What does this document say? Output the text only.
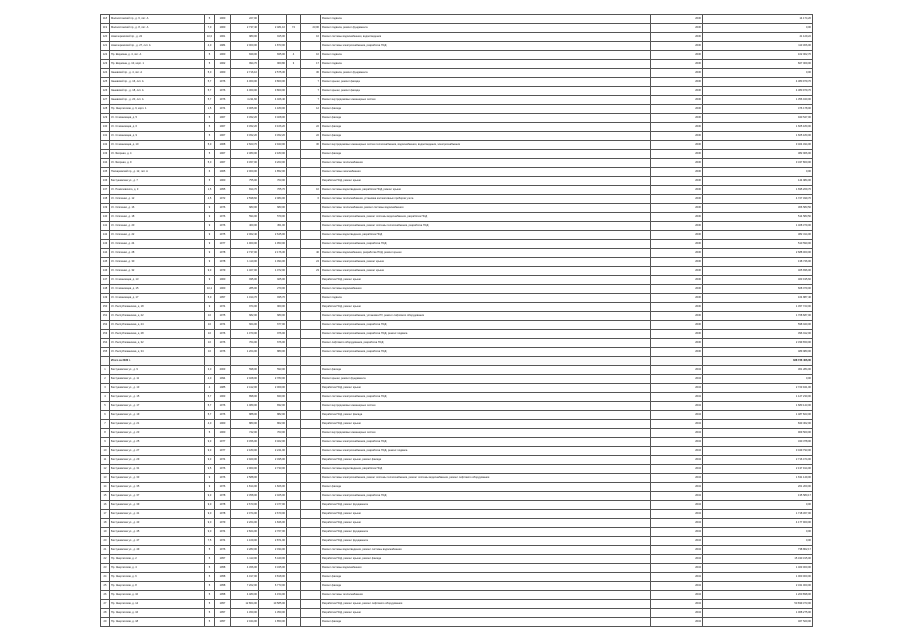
118	Малоохтинский пр., д. 6, лит. А	5	1960	227,00				Ремонт подвала	2030	14 174,20
119	Малоохтинский пр., д. 8, лит. А	7,0	1960	2 737,40	2 481,10	74	23,00	Ремонт подвала, ремонт фундамента	2030	0,00
120	Новочеркасский пр., д. 22	10,0	1961	980,00	915,00		16	Ремонт системы водоснабжения, водоотведения	2030	41 129,22
121	Новочеркасский пр., д. 27, лит. А	4,0	1984	2 000,00	1 873,00			Ремонт системы электроснабжения, разработка ПСД	2030	113 306,00
122	Пр. Шаумяна, д. 4, лит. А	5	1960	849,00	845,00	4	10	Ремонт подвала	2030	102 002,70
123	Пр. Шаумяна, д. 10, корп. 1	5	1962	994,70	960,80	3	17	Ремонт подвала	2030	827 009,00
124	Заневский пр., д. 4, лит. А	5,0	1960	2 716,10	2 575,30		30	Ремонт подвала, ремонт фундамента	2030	0,00
125	Заневский пр., д. 16, лит. А	5,7	1976	4 060,00	3 800,00		7	Ремонт крыши, ремонт фасада	2030	4 380 979,70
126	Заневский пр., д. 18, лит. А	5,7	1976	4 060,00	3 800,00		7	Ремонт крыши, ремонт фасада	2030	4 380 979,70
127	Заневский пр., д. 20, лит. А	5,7	1976	4 211,60	4 026,40		7	Ремонт внутридомовых инженерных систем	2030	1 356 040,00
128	Пр. Энергетиков, д. 9, корп. 1	1,5	1974	3 065,00	1 180,00		12	Ремонт фасада	2030	476 178,00
129	Ул. Стахановцев, д. 5	5	1967	3 452,20	3 408,00			Ремонт фасада	2030	940 547,00
130	Ул. Стахановцев, д. 6	5	1967	3 452,20	3 166,20		22	Ремонт фасада	2030	1 605 180,00
131	Ул. Стахановцев, д. 9	5	1967	3 452,20	3 452,20		22	Ремонт фасада	2030	1 605 180,00
132	Ул. Стахановцев, д. 10	5,0	1968	2 603,70	2 943,00		30	Ремонт внутридомовых инженерных систем теплоснабжения, водоснабжения, водоотведения, электроснабжения	2030	3 404 494,00
133	Ул. Якорная, д. 4	5	1967	2 380,00	2 183,00			Ремонт фасада	2030	382 966,00
134	Ул. Якорная, д. 9	5,0	1967	3 457,00	3 203,00			Ремонт системы теплоснабжения	2030	3 347 800,00
135	Пискаревский пр., д. 12, лит. А	6	1965	2 000,00	1 852,00			Ремонт системы газоснабжения	2030	0,00
136	Бестужевская ул., д. 7	5	1960	755,00	703,00			Разработка ПСД, ремонт крыши	2030	144 984,00
137	Ул. Помяловского, д. 3	1,5	1955	814,70	765,70		10	Ремонт системы водоотведения, разработка ПСД, ремонт крыши	2030	1 695 269,76
138	Ул. Осипенко, д. 12	4,5	1972	2 598,60	2 084,00		6	Ремонт системы теплоснабжения, установка коллективных приборов учета	2030	4 727 499,70
139	Ул. Осипенко, д. 16	9	1976	683,00	683,00			Ремонт системы теплоснабжения, ремонт системы водоснабжения	2030	306 583,50
140	Ул. Осипенко, д. 18	9	1976	594,00	579,00			Ремонт системы электроснабжения, ремонт системы водоснабжения, разработка ПСД	2030	514 583,50
141	Ул. Осипенко, д. 20	9	1976	460,00	451,00			Ремонт системы электроснабжения, ремонт системы теплоснабжения, разработка ПСД	2030	1 408 379,00
142	Ул. Осипенко, д. 22	9	1975	2 062,40	2 645,00			Ремонт системы водоотведения, разработка ПСД	2030	382 314,00
143	Ул. Осипенко, д. 24	9	1977	1 960,00	1 953,00			Ремонт системы электроснабжения, разработка ПСД	2030	510 590,00
144	Ул. Осипенко, д. 28	9	1978	2 737,00	2 176,30		40	Ремонт системы водоснабжения, разработка ПСД, ремонт крыши	2030	2 688 000,00
145	Ул. Осипенко, д. 30	9	1978	1 110,00	1 094,00		24	Ремонт системы электроснабжения, ремонт крыши	2030	138 746,00
146	Ул. Осипенко, д. 32	9,3	1979	1 407,00	1 072,00		23	Ремонт системы электроснабжения, ремонт крыши	2030	405 836,00
147	Ул. Стахановцев, д. 13	9	1960	935,00	925,00			Разработка ПСД, ремонт крыши	2030	463 195,60
148	Ул. Стахановцев, д. 15	10,2	1960	285,00	270,00			Ремонт системы водоснабжения	2030	608 079,00
149	Ул. Стахановцев, д. 17	5,0	1957	1 014,70	935,70			Ремонт подвала	2030	164 887,46
150	Ул. Республиканская, д. 18	9	1974	974,00	960,00			Разработка ПСД, ремонт крыши	2030	1 457 723,00
151	Ул. Республиканская, д. 22	16	1975	682,00	680,00			Ремонт системы электроснабжения, установка ПУ, ремонт лифтового оборудования	2030	1 708 687,00
152	Ул. Республиканская, д. 24	16	1974	664,00	677,00			Ремонт системы электроснабжения, разработка ПСД	2030	598 940,00
153	Ул. Республиканская, д. 28	16	1976	1 070,00	976,00			Ремонт системы электроснабжения, разработка ПСД, ремонт подвала	2030	396 912,00
154	Ул. Республиканская, д. 32	16	1976	764,00	676,00			Ремонт лифтового оборудования, разработка ПСД	2030	2 339 650,00
155	Ул. Республиканская, д. 34	16	1976	1 204,00	880,00			Ремонт системы электроснабжения, разработка ПСД	2030	489 980,00
	Итого за 2030 г.									338 736 406,00
1	Бестужевская ул., д. 9	3,0	2003	598,00	593,00			Ремонт фасада	2034	301 284,00
2	Бестужевская ул., д. 11	4,0	1994	2 028,00	2 783,00			Ремонт крыши, ремонт фундамента	2034	0,00
3	Бестужевская ул., д. 13	4	1985	2 412,00	2 069,00			Разработка ПСД, ремонт крыши	2034	2 723 941,00
4	Бестужевская ул., д. 15	5,7	1963	898,00	840,00			Ремонт системы электроснабжения, разработка ПСД	2034	1 127 230,00
5	Бестужевская ул., д. 17	5,7	1976	1 089,00	832,00			Ремонт внутридомовых инженерных систем	2034	1 680 143,00
6	Бестужевская ул., д. 19	5,7	1976	888,00	882,00			Разработка ПСД, ремонт фасада	2034	1 487 823,00
7	Бестужевская ул., д. 21	4,0	1960	880,00	802,00			Разработка ПСД, ремонт крыши	2034	843 302,00
8	Бестужевская ул., д. 23	5	1960	742,00	703,00			Ремонт внутридомовых инженерных систем	2034	909 500,00
9	Бестужевская ул., д. 25	9,3	1977	3 456,00	3 402,00			Ремонт системы электроснабжения, разработка ПСД	2034	340 378,00
10	Бестужевская ул., д. 27	9,3	1977	2 180,00	2 241,00			Ремонт системы электроснабжения, разработка ПСД, ремонт подвала	2034	3 049 793,00
11	Бестужевская ул., д. 29	9,3	1974	2 920,00	2 495,00			Разработка ПСД, ремонт крыши, ремонт фасада	2034	2 716 474,00
12	Бестужевская ул., д. 31	9,5	1976	2 960,00	2 733,00			Ремонт системы водоотведения, разработка ПСД	2034	2 137 914,00
13	Бестужевская ул., д. 33	9	1976	2 588,00				Ремонт системы электроснабжения, ремонт системы теплоснабжения, ремонт системы водоснабжения, ремонт лифтового оборудования	2034	1 631 149,00
14	Бестужевская ул., д. 35	9	1976	1 814,00	1 826,00			Ремонт фасада	2034	201 200,00
15	Бестужевская ул., д. 37	9,3	1978	2 358,00	2 025,00			Ремонт системы электроснабжения, разработка ПСД	2034	135 580,17
16	Бестужевская ул., д. 39	9,0	1978	2 673,00	2 477,00			Разработка ПСД, ремонт фундамента	2034	0,00
17	Бестужевская ул., д. 41	9,0	1978	2 074,00	2 670,00			Разработка ПСД, ремонт крыши	2034	1 718 367,00
18	Бестужевская ул., д. 43	9,0	1979	2 264,00	1 846,00			Разработка ПСД, ремонт крыши	2034	4 177 900,00
19	Бестужевская ул., д. 45	9,0	1974	2 824,00	2 767,00			Разработка ПСД, ремонт фундамента	2034	0,00
20	Бестужевская ул., д. 47	7,5	1974	1 109,00	2 871,00			Разработка ПСД, ремонт фундамента	2034	0,00
21	Бестужевская ул., д. 49	5	1976	2 283,00	2 034,00			Ремонт системы водоотведения, ремонт системы водоснабжения	2034	738 802,17
22	Пр. Энергетиков, д. 2	5	1957	1 113,00	5 440,00			Разработка ПСД, ремонт крыши, ремонт фасада	2034	15 430 315,00
23	Пр. Энергетиков, д. 4	5	1958	4 456,00	3 345,00			Ремонт системы водоснабжения	2034	1 463 000,00
24	Пр. Энергетиков, д. 6	5	1958	4 017,00	3 818,00			Ремонт фасада	2034	1 000 000,00
25	Пр. Энергетиков, д. 8	5	1958	7 202,00	6 773,00			Ремонт фасада	2034	2 341 000,00
26	Пр. Энергетиков, д. 10	5	1958	4 480,00	4 154,00			Ремонт системы теплоснабжения	2034	1 200 898,00
27	Пр. Энергетиков, д. 14	5	1957	12 864,00	10 585,00			Разработка ПСД, ремонт крыши, ремонт лифтового оборудования	2034	50 839 373,00
28	Пр. Энергетиков, д. 16	5	1957	1 450,00	1 350,00			Разработка ПСД, ремонт крыши	2034	1 068 275,00
29	Пр. Энергетиков, д. 18	5	1957	2 044,00	1 850,00			Ремонт фасада	2034	467 520,00
